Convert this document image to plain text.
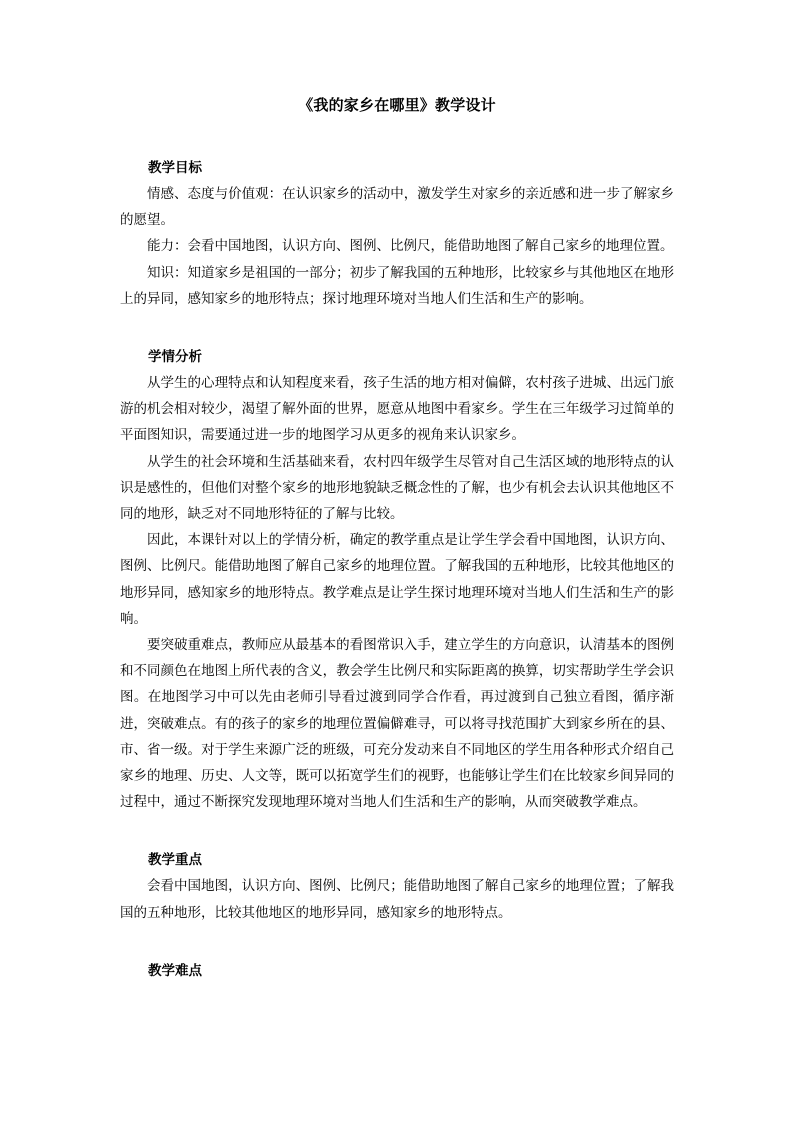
《我的家乡在哪里》教学设计
教学目标

情感、态度与价值观：在认识家乡的活动中，激发学生对家乡的亲近感和进一步了解家乡的愿望。

能力：会看中国地图，认识方向、图例、比例尺，能借助地图了解自己家乡的地理位置。

知识：知道家乡是祖国的一部分；初步了解我国的五种地形，比较家乡与其他地区在地形上的异同，感知家乡的地形特点；探讨地理环境对当地人们生活和生产的影响。

学情分析

从学生的心理特点和认知程度来看，孩子生活的地方相对偏僻，农村孩子进城、出远门旅游的机会相对较少，渴望了解外面的世界，愿意从地图中看家乡。学生在三年级学习过简单的平面图知识，需要通过进一步的地图学习从更多的视角来认识家乡。

从学生的社会环境和生活基础来看，农村四年级学生尽管对自己生活区域的地形特点的认识是感性的，但他们对整个家乡的地形地貌缺乏概念性的了解，也少有机会去认识其他地区不同的地形，缺乏对不同地形特征的了解与比较。

因此，本课针对以上的学情分析，确定的教学重点是让学生学会看中国地图，认识方向、图例、比例尺。能借助地图了解自己家乡的地理位置。了解我国的五种地形，比较其他地区的地形异同，感知家乡的地形特点。教学难点是让学生探讨地理环境对当地人们生活和生产的影响。

要突破重难点，教师应从最基本的看图常识入手，建立学生的方向意识，认清基本的图例和不同颜色在地图上所代表的含义，教会学生比例尺和实际距离的换算，切实帮助学生学会识图。在地图学习中可以先由老师引导看过渡到同学合作看，再过渡到自己独立看图，循序渐进，突破难点。有的孩子的家乡的地理位置偏僻难寻，可以将寻找范围扩大到家乡所在的县、市、省一级。对于学生来源广泛的班级，可充分发动来自不同地区的学生用各种形式介绍自己家乡的地理、历史、人文等，既可以拓宽学生们的视野，也能够让学生们在比较家乡间异同的过程中，通过不断探究发现地理环境对当地人们生活和生产的影响，从而突破教学难点。

教学重点

会看中国地图，认识方向、图例、比例尺；能借助地图了解自己家乡的地理位置；了解我国的五种地形，比较其他地区的地形异同，感知家乡的地形特点。

教学难点
